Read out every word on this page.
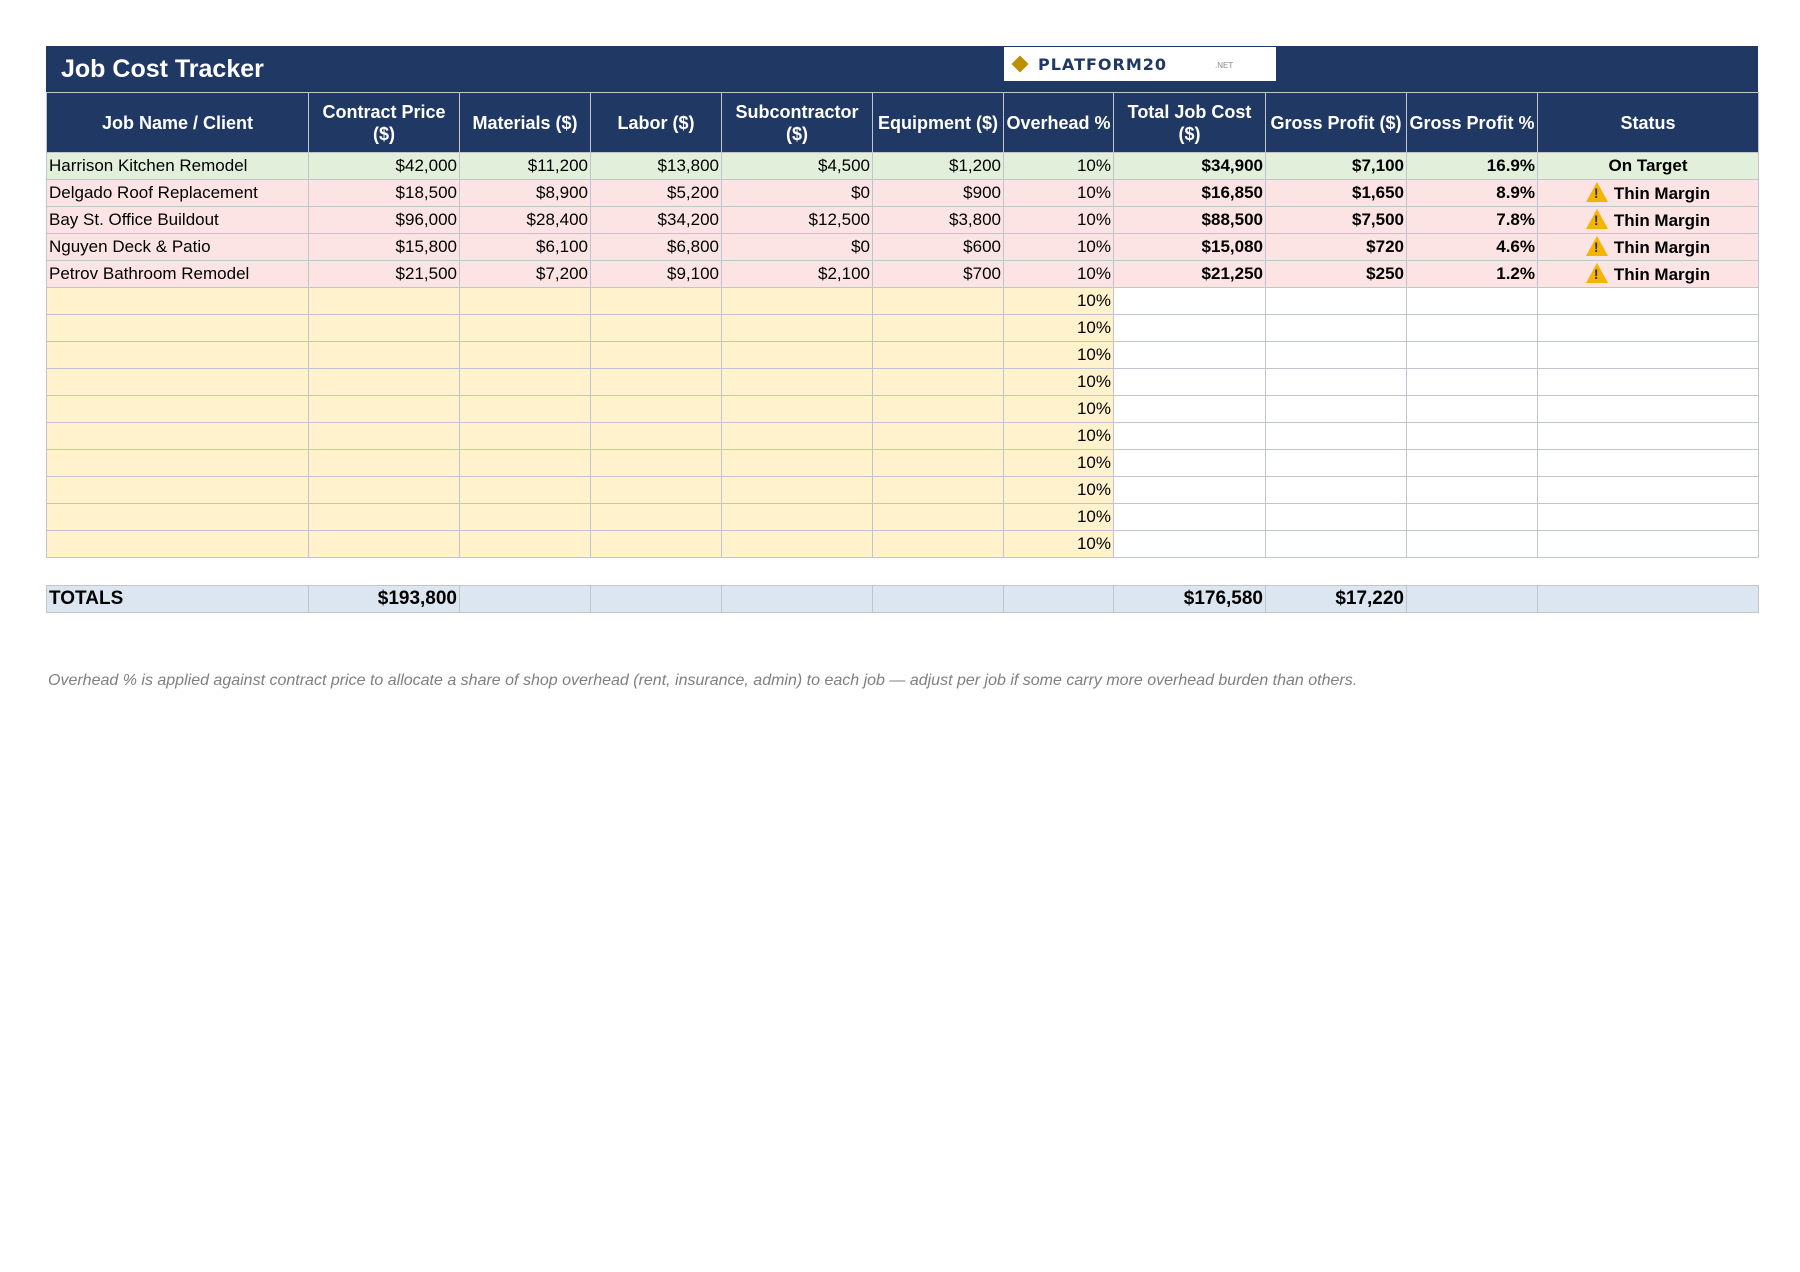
Job Cost Tracker	PLATFORM20	.NET
Job Name / Client	Contract Price ($)	Materials ($)	Labor ($)	Subcontractor ($)	Equipment ($)	Overhead %	Total Job Cost ($)	Gross Profit ($)	Gross Profit %	Status
Harrison Kitchen Remodel	$42,000	$11,200	$13,800	$4,500	$1,200	10%	$34,900	$7,100	16.9%	On Target
Delgado Roof Replacement	$18,500	$8,900	$5,200	$0	$900	10%	$16,850	$1,650	8.9%	!Thin Margin
Bay St. Office Buildout	$96,000	$28,400	$34,200	$12,500	$3,800	10%	$88,500	$7,500	7.8%	!Thin Margin
Nguyen Deck & Patio	$15,800	$6,100	$6,800	$0	$600	10%	$15,080	$720	4.6%	!Thin Margin
Petrov Bathroom Remodel	$21,500	$7,200	$9,100	$2,100	$700	10%	$21,250	$250	1.2%	!Thin Margin
						10%				
						10%				
						10%				
						10%				
						10%				
						10%				
						10%				
						10%				
						10%				
						10%				
TOTALS	$193,800						$176,580	$17,220		
Overhead % is applied against contract price to allocate a share of shop overhead (rent, insurance, admin) to each job — adjust per job if some carry more overhead burden than others.
